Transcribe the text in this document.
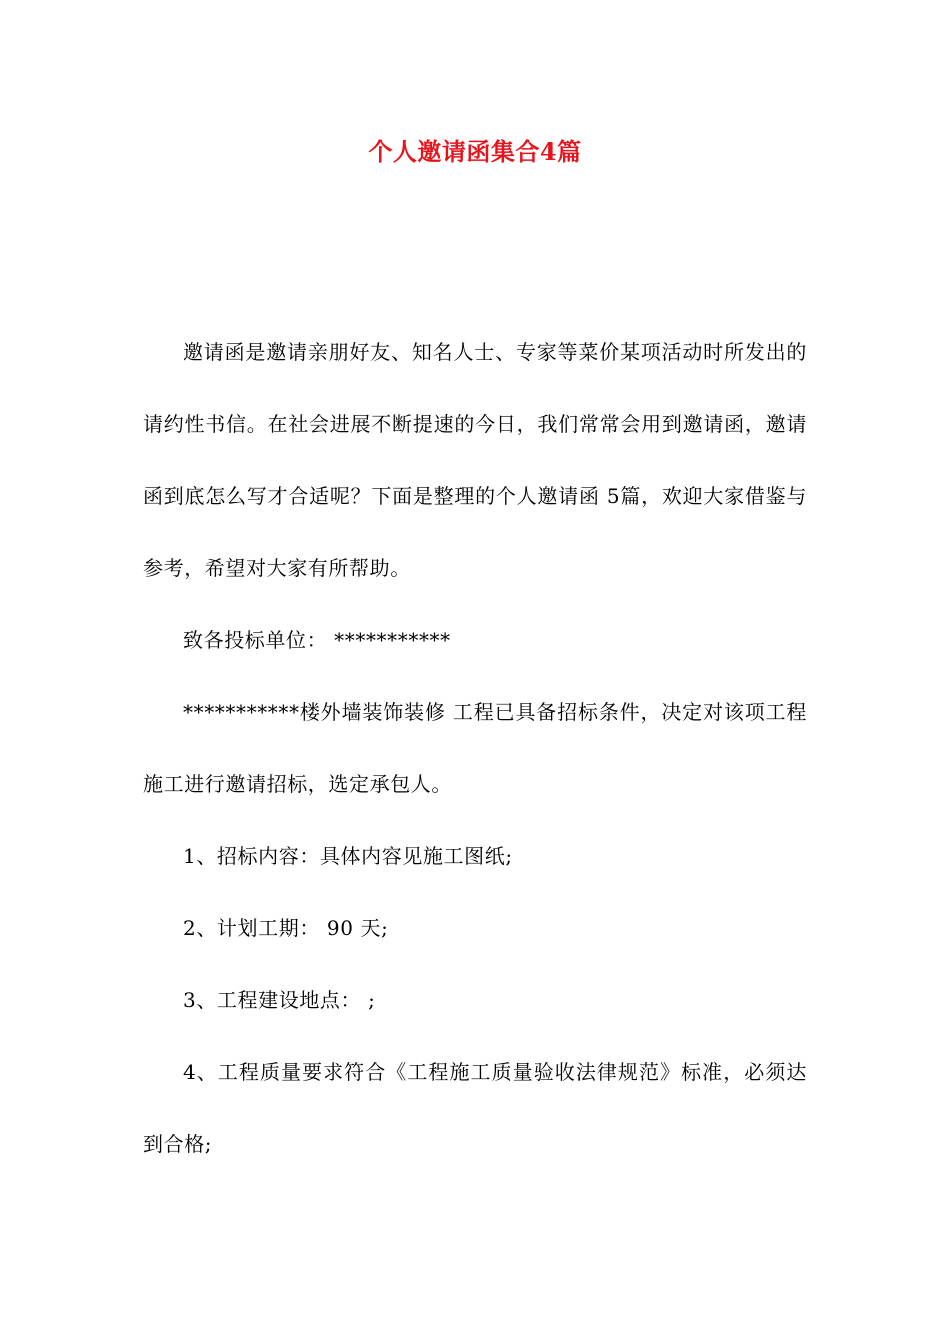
个人邀请函集合4篇

邀请函是邀请亲朋好友、知名人士、专家等菜价某项活动时所发出的请约性书信。在社会进展不断提速的今日，我们常常会用到邀请函，邀请函到底怎么写才合适呢？下面是整理的个人邀请函 5篇，欢迎大家借鉴与参考，希望对大家有所帮助。

致各投标单位： ***********

***********楼外墙装饰装修 工程已具备招标条件，决定对该项工程施工进行邀请招标，选定承包人。

1、招标内容：具体内容见施工图纸;

2、计划工期： 90 天;

3、工程建设地点： ;

4、工程质量要求符合《工程施工质量验收法律规范》标准，必须达到合格;
